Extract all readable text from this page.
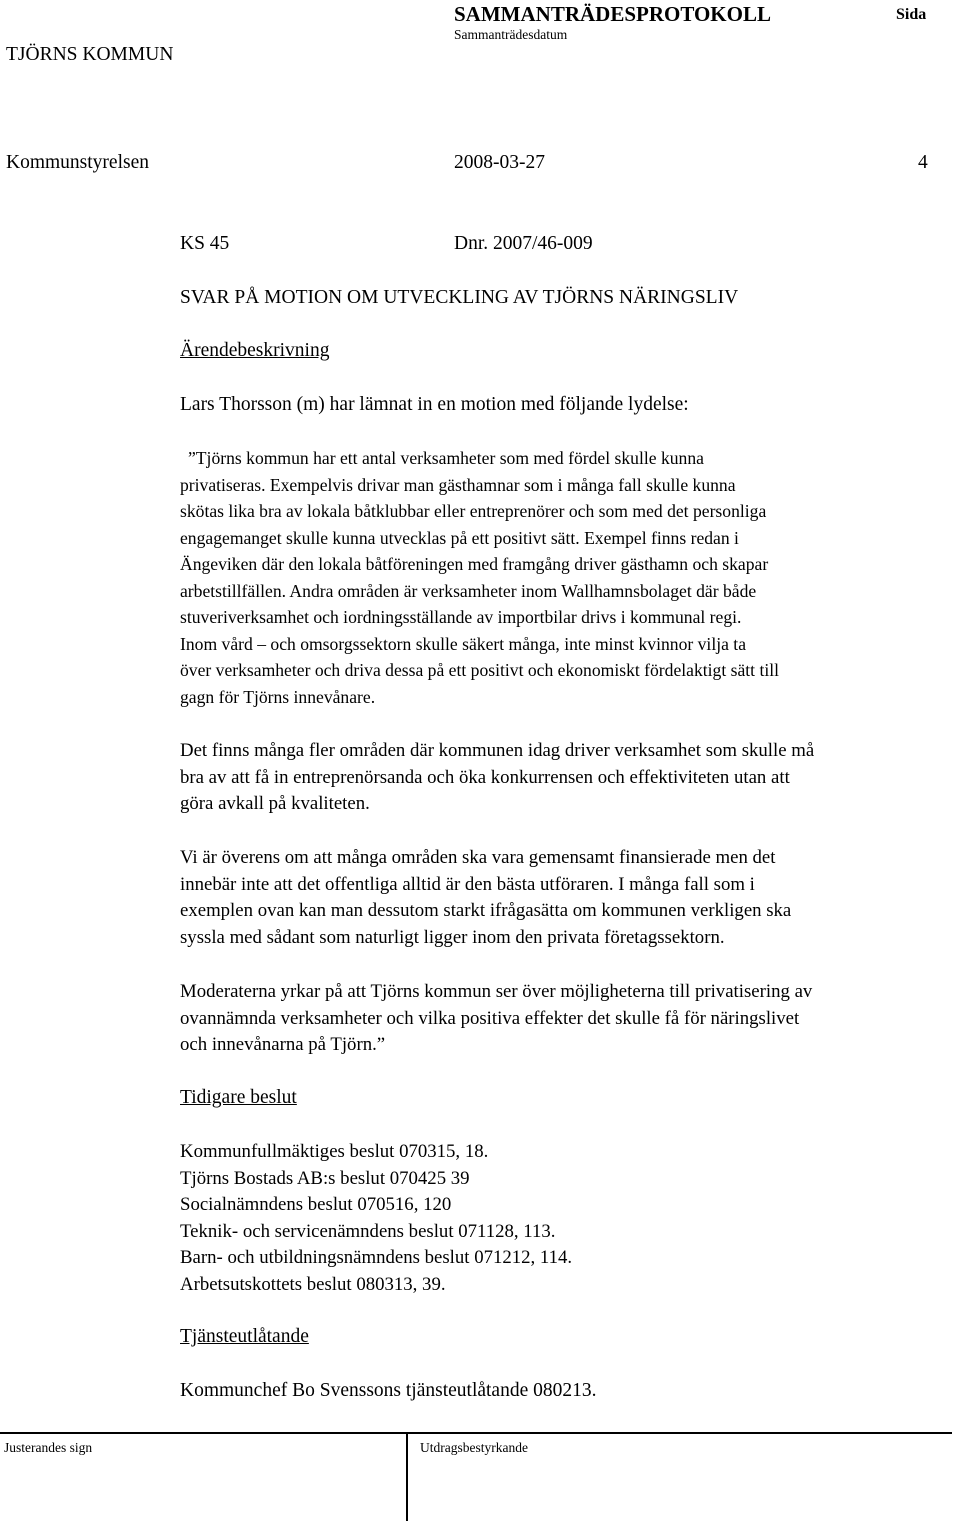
SAMMANTRÄDESPROTOKOLL
Sammanträdesdatum
Sida
TJÖRNS KOMMUN
Kommunstyrelsen	2008-03-27	4
KS 45	Dnr. 2007/46-009
SVAR PÅ MOTION OM UTVECKLING AV TJÖRNS NÄRINGSLIV
Ärendebeskrivning
Lars Thorsson (m) har lämnat in en motion med följande lydelse:
”Tjörns kommun har ett antal verksamheter som med fördel skulle kunna
privatiseras. Exempelvis drivar man gästhamnar som i många fall skulle kunna
skötas lika bra av lokala båtklubbar eller entreprenörer och som med det personliga
engagemanget skulle kunna utvecklas på ett positivt sätt. Exempel finns redan i
Ängeviken där den lokala båtföreningen med framgång driver gästhamn och skapar
arbetstillfällen. Andra områden är verksamheter inom Wallhamnsbolaget där både
stuveriverksamhet och iordningsställande av importbilar drivs i kommunal regi.
Inom vård – och omsorgssektorn skulle säkert många, inte minst kvinnor vilja ta
över verksamheter och driva dessa på ett positivt och ekonomiskt fördelaktigt sätt till
gagn för Tjörns innevånare.
Det finns många fler områden där kommunen idag driver verksamhet som skulle må
bra av att få in entreprenörsanda och öka konkurrensen och effektiviteten utan att
göra avkall på kvaliteten.
Vi är överens om att många områden ska vara gemensamt finansierade men det
innebär inte att det offentliga alltid är den bästa utföraren. I många fall som i
exemplen ovan kan man dessutom starkt ifrågasätta om kommunen verkligen ska
syssla med sådant som naturligt ligger inom den privata företagssektorn.
Moderaterna yrkar på att Tjörns kommun ser över möjligheterna till privatisering av
ovannämnda verksamheter och vilka positiva effekter det skulle få för näringslivet
och innevånarna på Tjörn.”
Tidigare beslut
Kommunfullmäktiges beslut 070315, 18.
Tjörns Bostads AB:s beslut 070425 39
Socialnämndens beslut 070516, 120
Teknik- och servicenämndens beslut 071128, 113.
Barn- och utbildningsnämndens beslut 071212, 114.
Arbetsutskottets beslut 080313, 39.
Tjänsteutlåtande
Kommunchef Bo Svenssons tjänsteutlåtande 080213.
Justerandes sign	Utdragsbestyrkande
